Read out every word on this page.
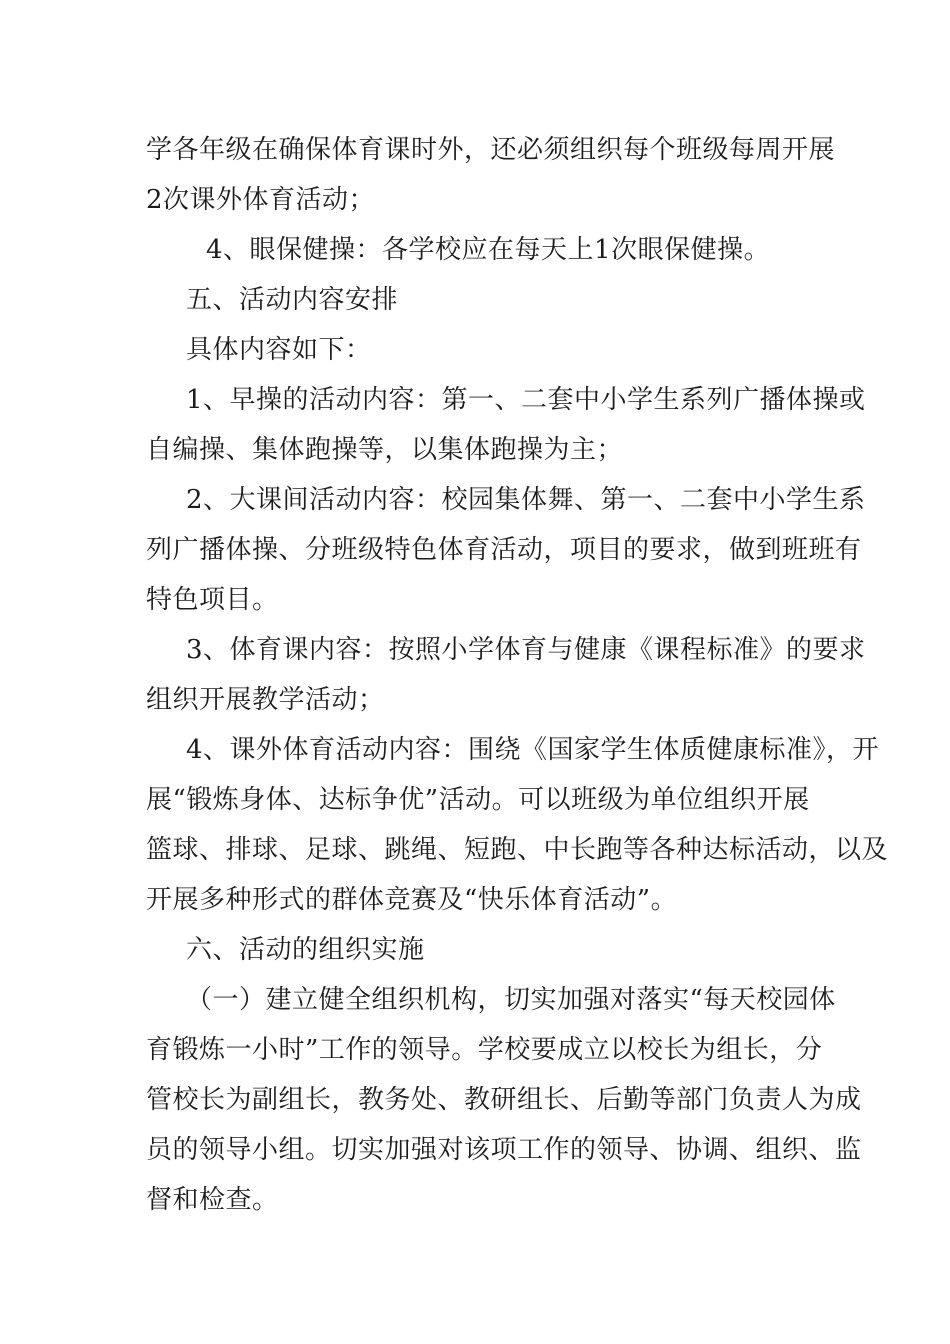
学各年级在确保体育课时外，还必须组织每个班级每周开展
2次课外体育活动；
4、眼保健操：各学校应在每天上1次眼保健操。
五、活动内容安排
具体内容如下：
1、早操的活动内容：第一、二套中小学生系列广播体操或
自编操、集体跑操等，以集体跑操为主；
2、大课间活动内容：校园集体舞、第一、二套中小学生系
列广播体操、分班级特色体育活动，项目的要求，做到班班有
特色项目。
3、体育课内容：按照小学体育与健康《课程标准》的要求
组织开展教学活动；
4、课外体育活动内容：围绕《国家学生体质健康标准》，开
展“锻炼身体、达标争优”活动。可以班级为单位组织开展
篮球、排球、足球、跳绳、短跑、中长跑等各种达标活动，以及
开展多种形式的群体竞赛及“快乐体育活动”。
六、活动的组织实施
（一）建立健全组织机构，切实加强对落实“每天校园体
育锻炼一小时”工作的领导。学校要成立以校长为组长，分
管校长为副组长，教务处、教研组长、后勤等部门负责人为成
员的领导小组。切实加强对该项工作的领导、协调、组织、监
督和检查。
